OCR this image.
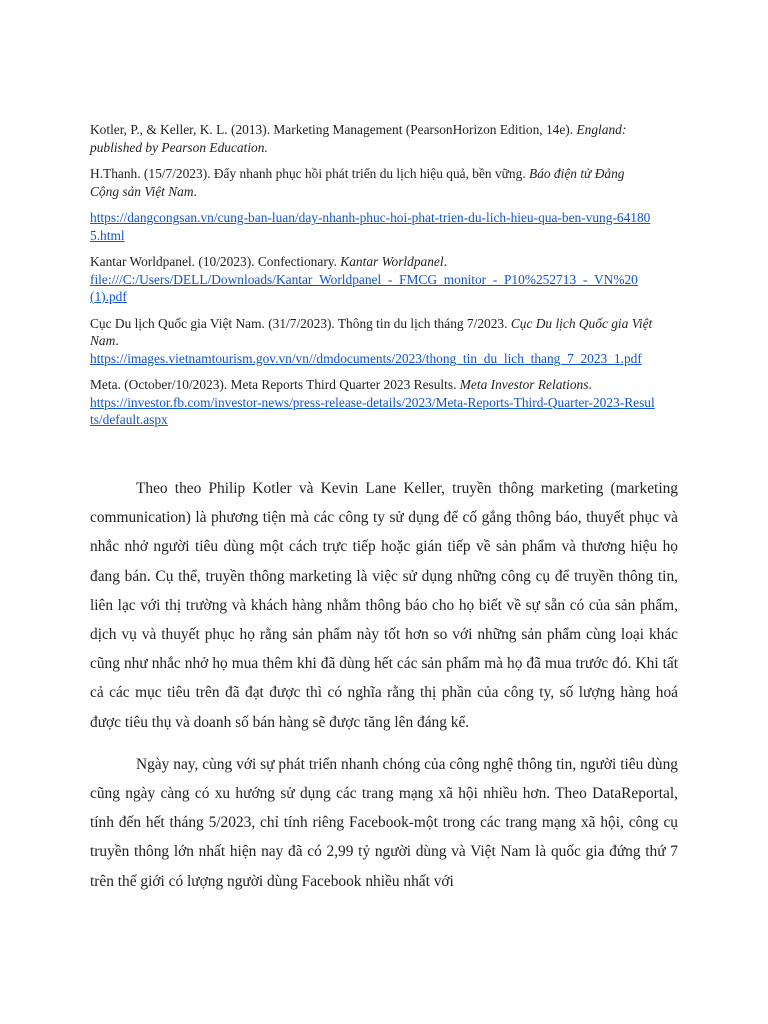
Kotler, P., & Keller, K. L. (2013). Marketing Management (PearsonHorizon Edition, 14e). England: published by Pearson Education.
H.Thanh. (15/7/2023). Đẩy nhanh phục hồi phát triển du lịch hiệu quả, bền vững. Báo điện tử Đảng Cộng sản Việt Nam.
https://dangcongsan.vn/cung-ban-luan/day-nhanh-phuc-hoi-phat-trien-du-lich-hieu-qua-ben-vung-641805.html
Kantar Worldpanel. (10/2023). Confectionary. Kantar Worldpanel.
file:///C:/Users/DELL/Downloads/Kantar_Worldpanel_-_FMCG_monitor_-_P10%252713_-_VN%20(1).pdf
Cục Du lịch Quốc gia Việt Nam. (31/7/2023). Thông tin du lịch tháng 7/2023. Cục Du lịch Quốc gia Việt Nam.
https://images.vietnamtourism.gov.vn/vn//dmdocuments/2023/thong_tin_du_lich_thang_7_2023_1.pdf
Meta. (October/10/2023). Meta Reports Third Quarter 2023 Results. Meta Investor Relations.
https://investor.fb.com/investor-news/press-release-details/2023/Meta-Reports-Third-Quarter-2023-Results/default.aspx

Theo theo Philip Kotler và Kevin Lane Keller, truyền thông marketing (marketing communication) là phương tiện mà các công ty sử dụng để cố gắng thông báo, thuyết phục và nhắc nhở người tiêu dùng một cách trực tiếp hoặc gián tiếp về sản phẩm và thương hiệu họ đang bán. Cụ thể, truyền thông marketing là việc sử dụng những công cụ để truyền thông tin, liên lạc với thị trường và khách hàng nhằm thông báo cho họ biết về sự sẵn có của sản phẩm, dịch vụ và thuyết phục họ rằng sản phẩm này tốt hơn so với những sản phẩm cùng loại khác cũng như nhắc nhở họ mua thêm khi đã dùng hết các sản phẩm mà họ đã mua trước đó. Khi tất cả các mục tiêu trên đã đạt được thì có nghĩa rằng thị phần của công ty, số lượng hàng hoá được tiêu thụ và doanh số bán hàng sẽ được tăng lên đáng kể.

Ngày nay, cùng với sự phát triển nhanh chóng của công nghệ thông tin, người tiêu dùng cũng ngày càng có xu hướng sử dụng các trang mạng xã hội nhiều hơn. Theo DataReportal, tính đến hết tháng 5/2023, chỉ tính riêng Facebook-một trong các trang mạng xã hội, công cụ truyền thông lớn nhất hiện nay đã có 2,99 tỷ người dùng và Việt Nam là quốc gia đứng thứ 7 trên thế giới có lượng người dùng Facebook nhiều nhất với
